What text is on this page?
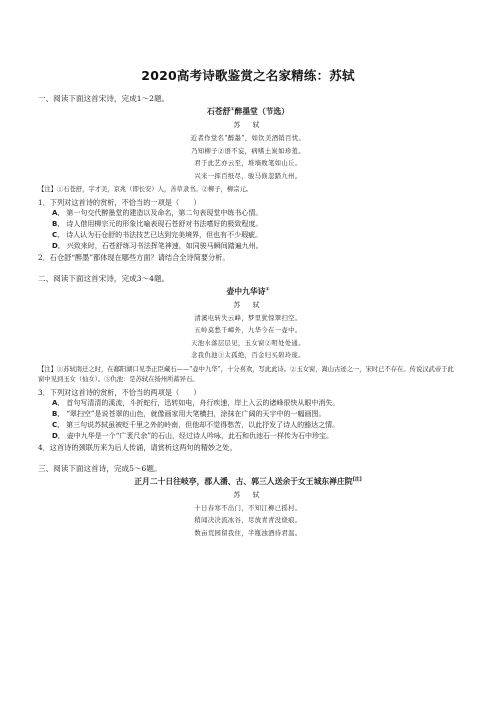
2020高考诗歌鉴赏之名家精练：苏轼
一、阅读下面这首宋诗，完成1～2题。
石苍舒①醉墨堂（节选）
苏　轼
近者作堂名“醉墨”，如饮美酒销百忧。
乃知柳子②语不妄，病嗜土炭如珍羞。
君于此艺亦云至，堆墙败笔如山丘。
兴来一挥百纸尽，骏马倏忽踏九州。
【注】①石苍舒，字才美，京兆（即长安）人，善草隶书。②柳子，柳宗元。
1．下列对这首诗的赏析，不恰当的一项是（　　）
A． 第一句交代醉墨堂的建造以及命名，第二句表现堂中练书心情。
B． 诗人借用柳宗元的形象比喻表现石苍舒对书法嗜好的极致程度。
C． 诗人认为石仓舒的书法技艺已达到完美境界，但也有不少瑕疵。
D． 兴致来时，石苍舒练习书法挥笔神速，如同骏马瞬间踏遍九州。
2．石仓舒“醉墨”都体现在哪些方面？请结合全诗简要分析。
二、阅读下面这首宋诗，完成3～4题。
壶中九华诗①
苏　轼
清溪电转失云峰，梦里犹惊翠扫空。
五岭莫愁千嶂外，九华今在一壶中。
天池水落层层见，玉女窗②明处处通。
念我仇池③太孤绝，百金归买碧玲珑。
【注】①苏轼南迁之时，在鄱阳湖口见李正臣藏石——“壶中九华”，十分喜欢，写此此诗。②玉女窗，嵩山古迹之一，宋时已不存在。传说汉武帝于此窗中见到玉女（仙女）。③仇池：是苏轼在扬州所蓄异石。
3．下列对这首诗的赏析，不恰当的两项是（　　）
A． 首句写清清的溪流，斗折蛇行，迅转如电，舟行疾速，岸上入云的诸峰很快从眼中消失。
B． “翠扫空”是说苍翠的山色，就像画家用大笔横扫，涂抹在广阔的天宇中的一幅画图。
C． 第三句说苏轼虽被贬千里之外的岭南，但他却不觉得愁苦，以此抒发了诗人的豁达之情。
D． 壶中九华是一个“广袤尺余”的石山，经过诗人吟咏，此石和仇池石一样传为石中珍宝。
4．这首诗的颈联历来为后人传诵，请赏析这两句的精妙之处。
三、阅读下面这首诗，完成5～6题。
正月二十日往岐亭，郡人潘、古、郭三人送余于女王城东禅庄院[注]
苏　轼
十日春寒不出门，不知江柳已摇村。
稍闻决决流冰谷，尽放青青没烧痕。
数亩荒园留我住，半瓶浊酒待君温。
